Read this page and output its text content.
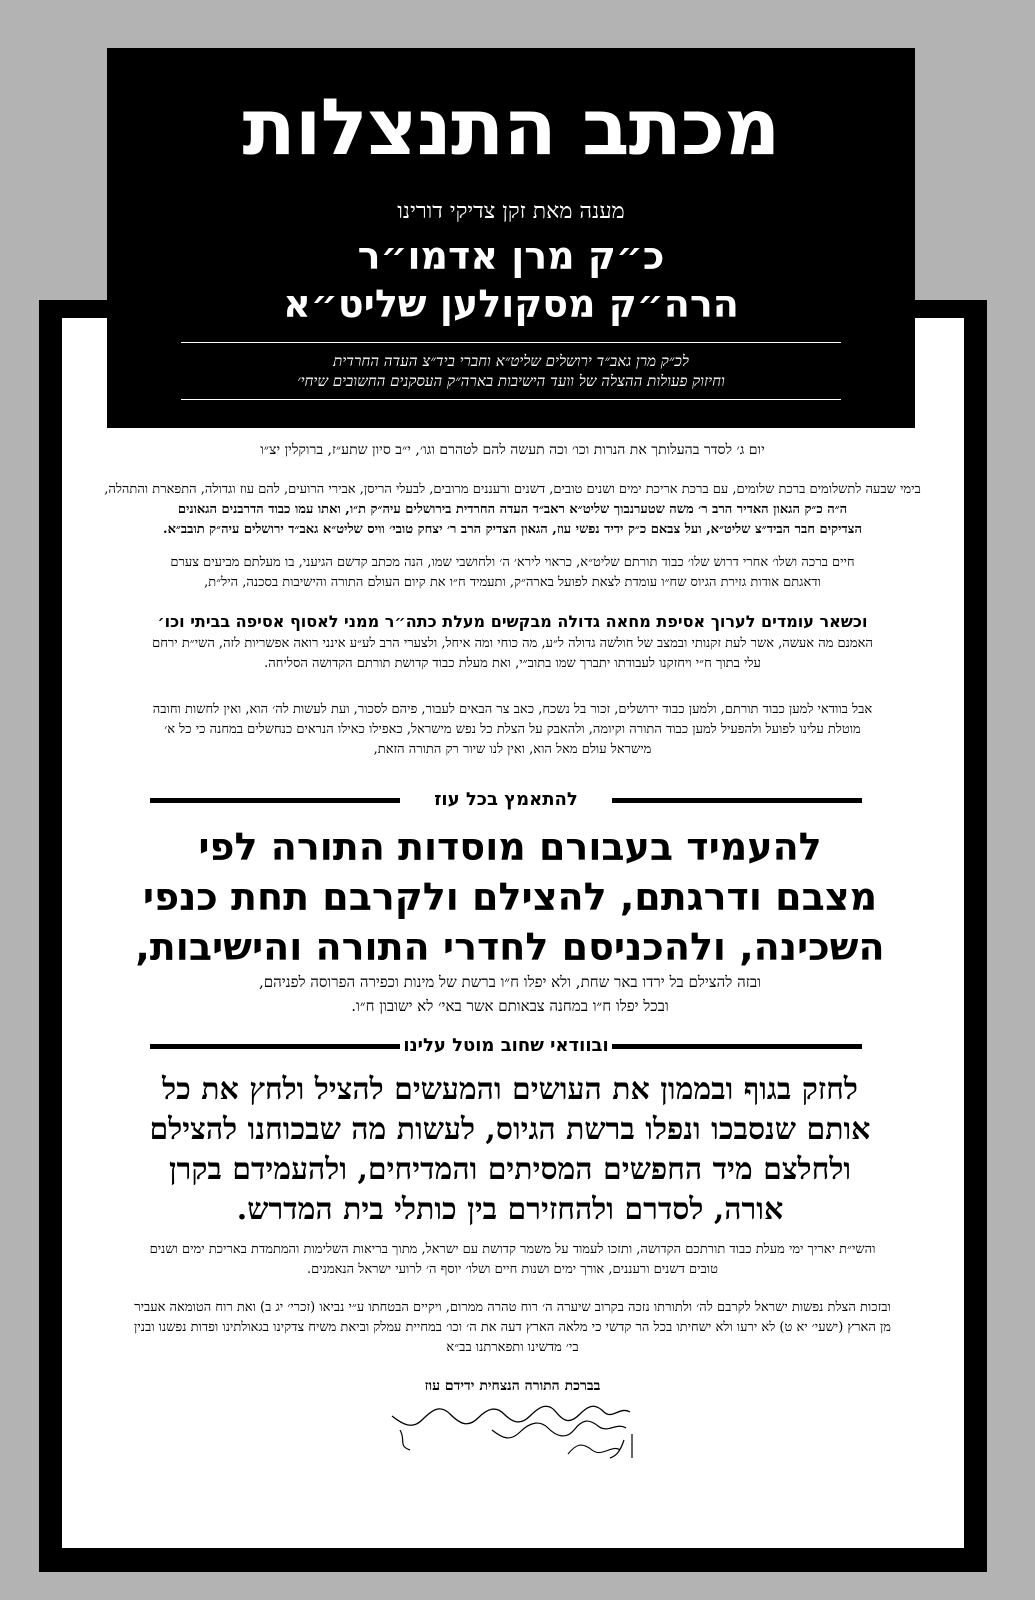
מכתב התנצלות
מענה מאת זקן צדיקי דורינו
כ״ק מרן אדמו״ר
הרה״ק מסקולען שליט״א
לכ״ק מרן גאב״ד ירושלים שליט״א וחברי ביד״צ העדה החרדית
וחיזוק פעולות ההצלה של וועד הישיבות בארה״ק העסקנים החשובים שיחי׳
יום ג׳ לסדר בהעלותך את הנרות וכו׳ וכה תעשה להם לטהרם וגו׳, י״ב סיון שתע״ז, ברוקלין יצ״ו
בימי שבעה לתשלומים ברכת שלומים, עם ברכת אריכת ימים ושנים טובים, דשנים ורעננים מרובים, לבעלי הריסן, אבירי הרועים, להם עוז וגדולה, התפארת והתהלה,
ה״ה כ״ק הגאון האדיר הרב ר׳ משה שטערנבוך שליט״א ראב״ד העדה החרדית בירושלים עיה״ק ת״ו, ואתו עמו כבוד הדרבנים הגאונים
הצדיקים חבר הביד״צ שליט״א, ועל צבאם כ״ק ידיד נפשי עוז, הגאון הצדיק הרב ר׳ יצחק טובי׳ וויס שליט״א גאב״ד ירושלים עיה״ק תובב״א.
חיים ברכה ושלו׳ אחרי דרוש שלו׳ כבוד תורתם שליט״א, כראוי לירא׳ ה׳ ולחושבי שמו, הנה מכתב קדשם הגיעני, בו מעלתם מביעים צערם
ודאגתם אודות גזירת הגיוס שח״ו עומדת לצאת לפועל בארה״ק, ותעמיד ח״ו את קיום העולם התורה והישיבות בסכנה, היל״ת,
וכשאר עומדים לערוך אסיפת מחאה גדולה מבקשים מעלת כתה״ר ממני לאסוף אסיפה בביתי וכו׳
האמנם מה אעשה, אשר לעת זקנותי ובמצב של חולשה גדולה ל״ע, מה כוחי ומה איחל, ולצערי הרב לע״ע אינני רואה אפשריות לזה, השי״ת ירחם
עלי בתוך ח״י ויחזקנו לעבודתו יתברך שמו בתוב״י, ואת מעלת כבוד קדושת תורתם הקדושה הסליחה.
אבל בוודאי למען כבוד תורתם, ולמען כבוד ירושלים, זכור בל נשכח, כאב צר הבאים לעבור, פיהם לסכור, ועת לעשות לה׳ הוא, ואין לחשות וחובה
מוטלת עלינו לפועל ולהפעיל למען כבוד התורה וקיומה, ולהאבק על הצלת כל נפש מישראל, כאפילו כאילו הנראים כנחשלים במחנה כי כל א׳
מישראל עולם מאל הוא, ואין לנו שיור רק התורה הזאת,
להתאמץ בכל עוז
להעמיד בעבורם מוסדות התורה לפי
מצבם ודרגתם, להצילם ולקרבם תחת כנפי
השכינה, ולהכניסם לחדרי התורה והישיבות,
ובזה להצילם בל ירדו באר שחת, ולא יפלו ח״ו ברשת של מינות וכפירה הפרוסה לפניהם,
ובכל יפלו ח״ו במחנה צבאותם אשר באי׳ לא ישובון ח״ו.
ובוודאי שחוב מוטל עלינו
לחזק בגוף ובממון את העושים והמעשים להציל ולחץ את כל
אותם שנסבכו ונפלו ברשת הגיוס, לעשות מה שבכוחנו להצילם
ולחלצם מיד החפשים המסיתים והמדיחים, ולהעמידם בקרן
אורה, לסדרם ולהחזירם בין כותלי בית המדרש.
והשי״ת יאריך ימי מעלת כבוד תורתכם הקדושה, ותזכו לעמוד על משמר קדושת עם ישראל, מתוך בריאות השלימות והמתמדת באריכת ימים ושנים
טובים דשנים ורעננים, אורך ימים ושנות חיים ושלו׳ יוסף ה׳ לרועי ישראל הנאמנים.
ובזכות הצלת נפשות ישראל לקרבם לה׳ ולתורתו נזכה בקרוב שיערה ה׳ רוח טהרה ממרום, ויקיים הבטחתו ע״י נביאו (זכרי׳ יג ב) ואת רוח הטומאה אעביר
מן הארץ (ישעי׳ יא ט) לא ירעו ולא ישחיתו בכל הר קדשי כי מלאה הארץ דעה את ה׳ וכו׳ במחיית עמלק וביאת משיח צדקינו בגאולתינו ופדות נפשנו ובנין
בי׳ מדשינו ותפארתנו בב״א
בברכת התורה הנצחית ידידם עוז
